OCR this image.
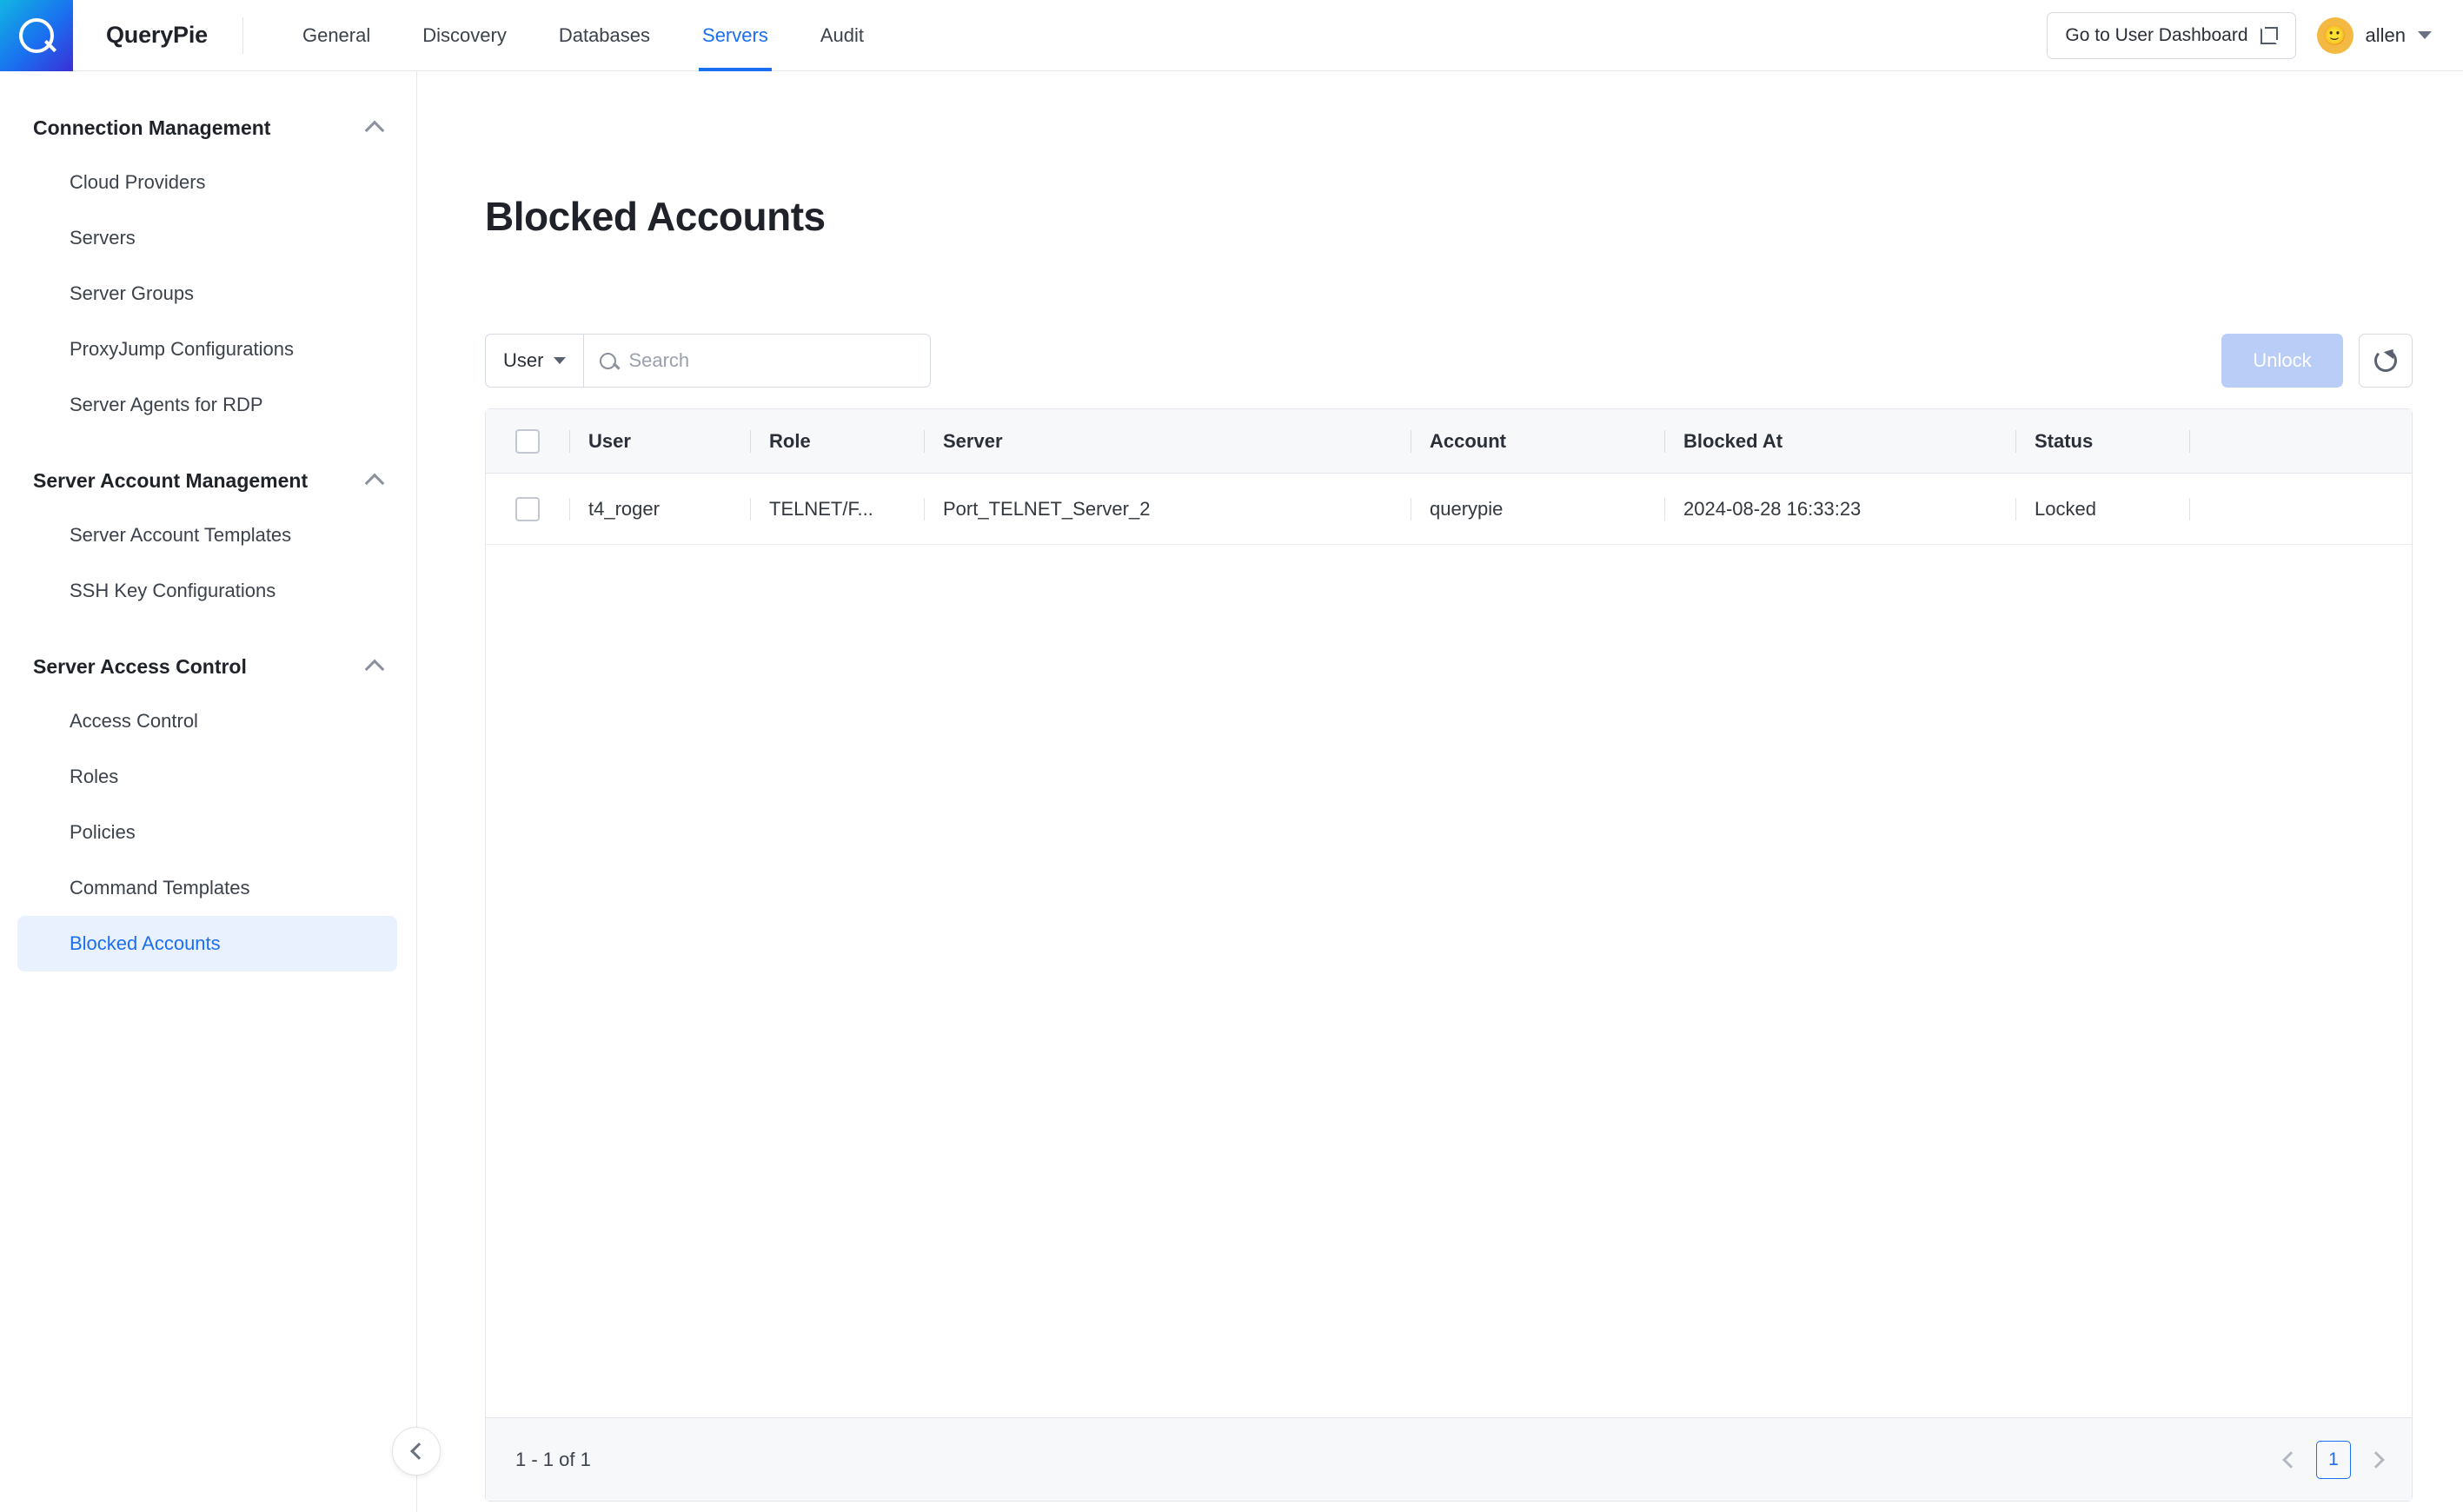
QueryPie	General	Discovery	Databases	Servers	Audit	Go to User Dashboard	🙂 allen
Connection Management
Cloud Providers
Servers
Server Groups
ProxyJump Configurations
Server Agents for RDP
Server Account Management
Server Account Templates
SSH Key Configurations
Server Access Control
Access Control
Roles
Policies
Command Templates
Blocked Accounts
Blocked Accounts
User
Search	Unlock
User	Role	Server	Account	Blocked At	Status
t4_roger	TELNET/F...	Port_TELNET_Server_2	querypie	2024-08-28 16:33:23	Locked
1 - 1 of 1	1
